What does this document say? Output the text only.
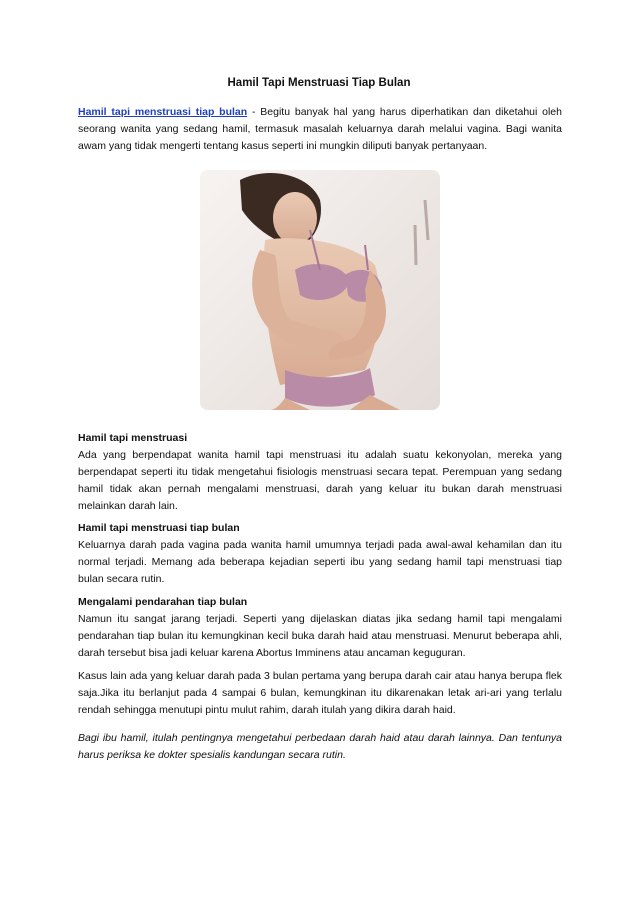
Hamil Tapi Menstruasi Tiap Bulan

Hamil tapi menstruasi tiap bulan - Begitu banyak hal yang harus diperhatikan dan diketahui oleh seorang wanita yang sedang hamil, termasuk masalah keluarnya darah melalui vagina. Bagi wanita awam yang tidak mengerti tentang kasus seperti ini mungkin diliputi banyak pertanyaan.

Hamil tapi menstruasi

Ada yang berpendapat wanita hamil tapi menstruasi itu adalah suatu kekonyolan, mereka yang berpendapat seperti itu tidak mengetahui fisiologis menstruasi secara tepat. Perempuan yang sedang hamil tidak akan pernah mengalami menstruasi, darah yang keluar itu bukan darah menstruasi melainkan darah lain.

Hamil tapi menstruasi tiap bulan

Keluarnya darah pada vagina pada wanita hamil umumnya terjadi pada awal-awal kehamilan dan itu normal terjadi. Memang ada beberapa kejadian seperti ibu yang sedang hamil tapi menstruasi tiap bulan secara rutin.

Mengalami pendarahan tiap bulan

Namun itu sangat jarang terjadi. Seperti yang dijelaskan diatas jika sedang hamil tapi mengalami pendarahan tiap bulan itu kemungkinan kecil buka darah haid atau menstruasi. Menurut beberapa ahli, darah tersebut bisa jadi keluar karena Abortus Imminens atau ancaman keguguran.

Kasus lain ada yang keluar darah pada 3 bulan pertama yang berupa darah cair atau hanya berupa flek saja.Jika itu berlanjut pada 4 sampai 6 bulan, kemungkinan itu dikarenakan letak ari-ari yang terlalu rendah sehingga menutupi pintu mulut rahim, darah itulah yang dikira darah haid.

Bagi ibu hamil, itulah pentingnya mengetahui perbedaan darah haid atau darah lainnya. Dan tentunya harus periksa ke dokter spesialis kandungan secara rutin.
